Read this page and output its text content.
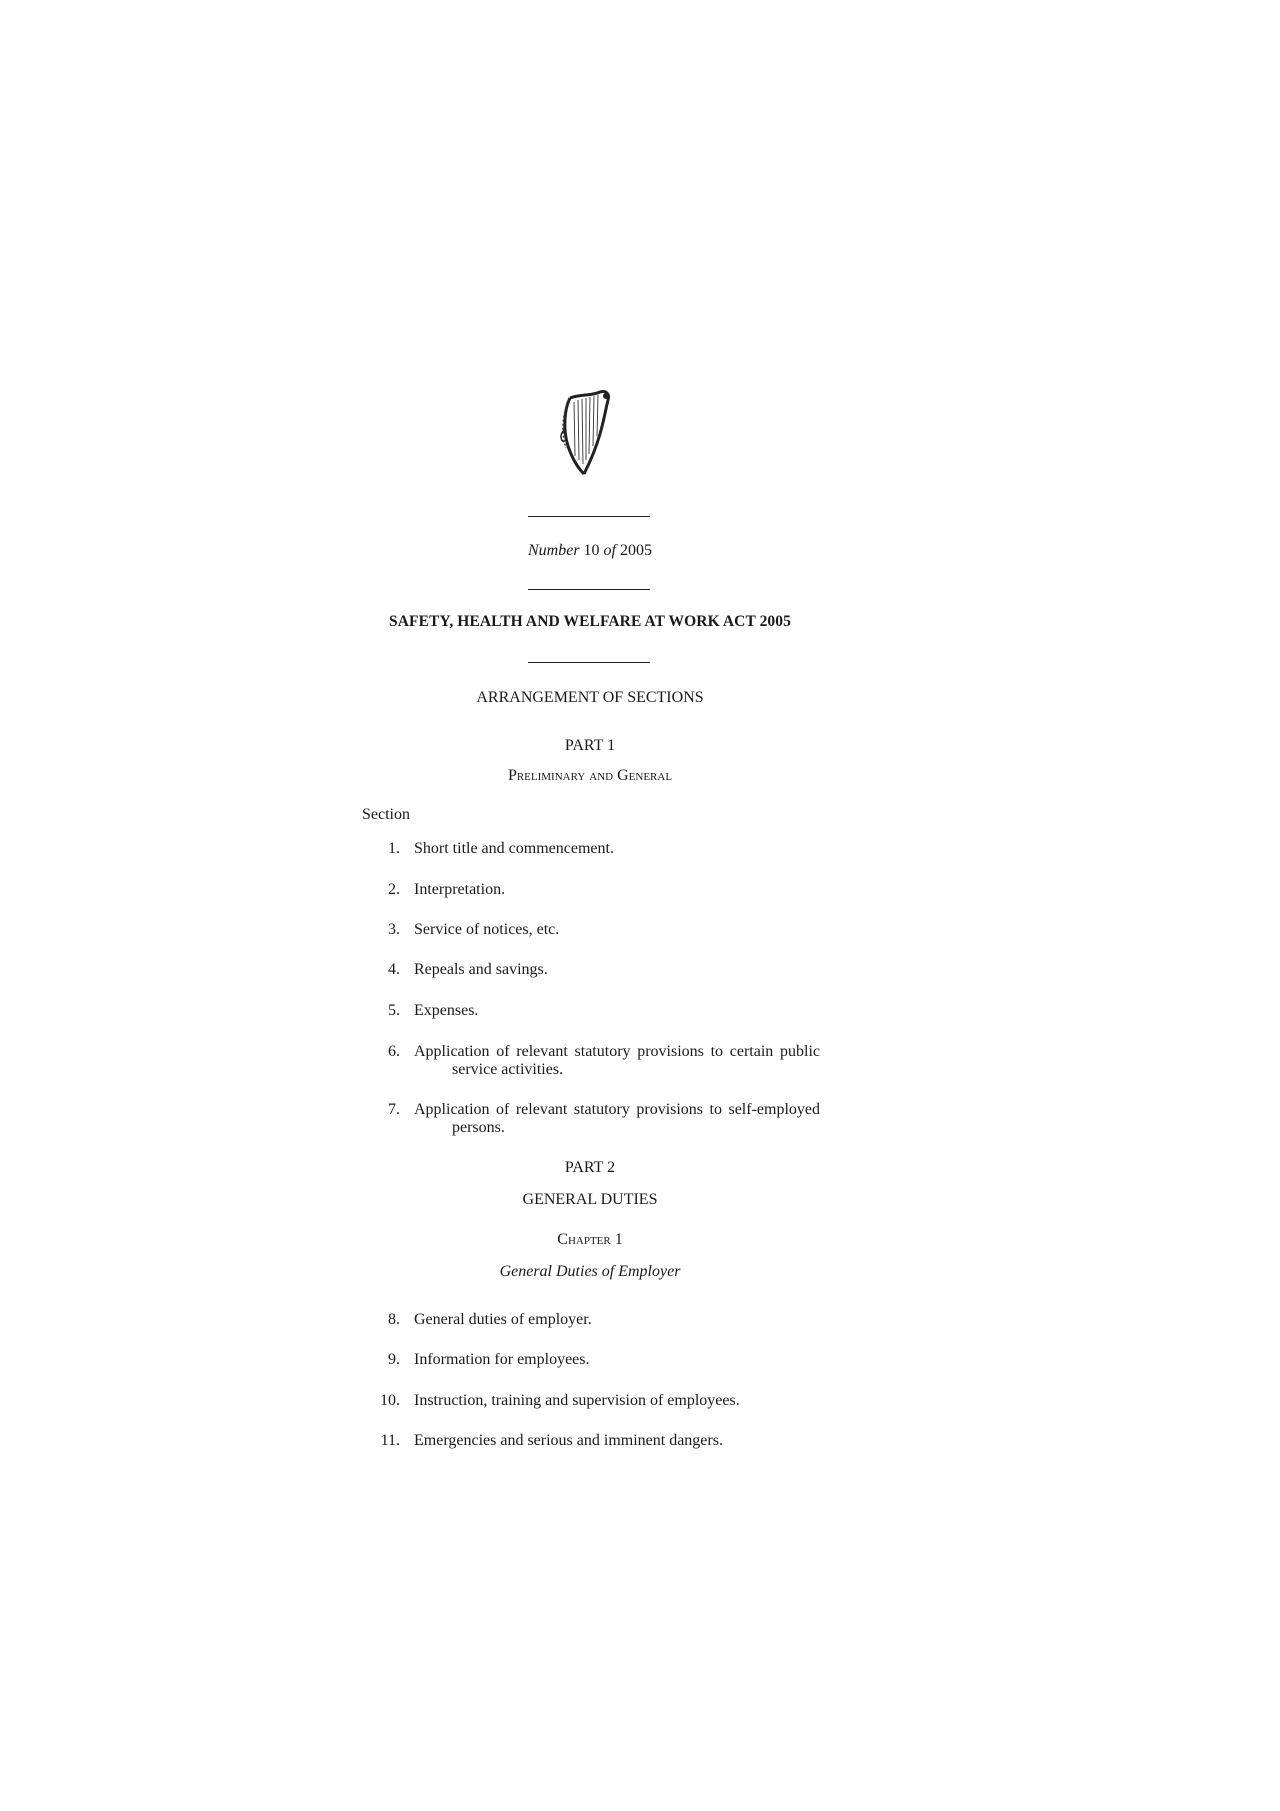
Number 10 of 2005
SAFETY, HEALTH AND WELFARE AT WORK ACT 2005
ARRANGEMENT OF SECTIONS
PART 1
Preliminary and General
Section
1. Short title and commencement.
2. Interpretation.
3. Service of notices, etc.
4. Repeals and savings.
5. Expenses.
6. Application of relevant statutory provisions to certain public service activities.
7. Application of relevant statutory provisions to self-employed persons.
PART 2
GENERAL DUTIES
Chapter 1
General Duties of Employer
8. General duties of employer.
9. Information for employees.
10. Instruction, training and supervision of employees.
11. Emergencies and serious and imminent dangers.
